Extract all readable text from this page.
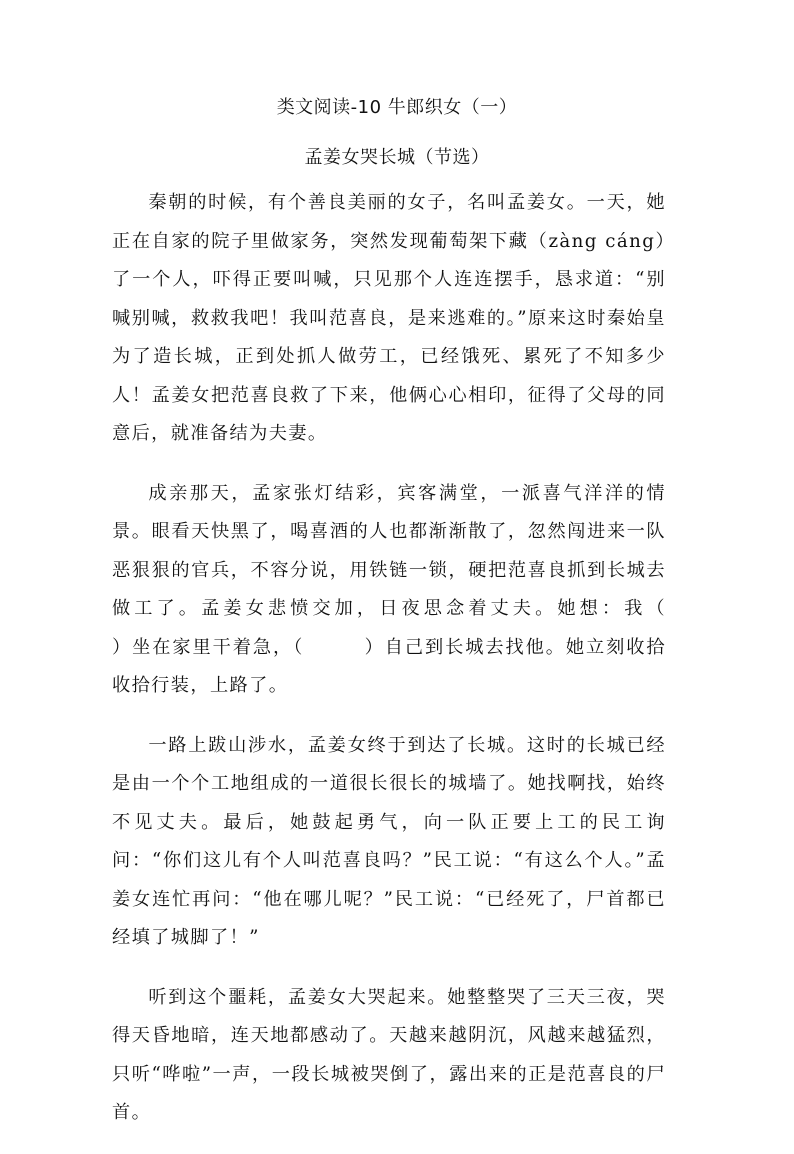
类文阅读-10 牛郎织女（一）
孟姜女哭长城（节选）

秦朝的时候，有个善良美丽的女子，名叫孟姜女。一天，她正在自家的院子里做家务，突然发现葡萄架下藏（zàng cáng）了一个人，吓得正要叫喊，只见那个人连连摆手，恳求道：“别喊别喊，救救我吧！我叫范喜良，是来逃难的。”原来这时秦始皇为了造长城，正到处抓人做劳工，已经饿死、累死了不知多少人！孟姜女把范喜良救了下来，他俩心心相印，征得了父母的同意后，就准备结为夫妻。

成亲那天，孟家张灯结彩，宾客满堂，一派喜气洋洋的情景。眼看天快黑了，喝喜酒的人也都渐渐散了，忽然闯进来一队恶狠狠的官兵，不容分说，用铁链一锁，硬把范喜良抓到长城去做工了。孟姜女悲愤交加，日夜思念着丈夫。她想：我（　　　）坐在家里干着急，（　　　）自己到长城去找他。她立刻收拾收拾行装，上路了。

一路上跋山涉水，孟姜女终于到达了长城。这时的长城已经是由一个个工地组成的一道很长很长的城墙了。她找啊找，始终不见丈夫。最后，她鼓起勇气，向一队正要上工的民工询问：“你们这儿有个人叫范喜良吗？”民工说：“有这么个人。”孟姜女连忙再问：“他在哪儿呢？”民工说：“已经死了，尸首都已经填了城脚了！”

听到这个噩耗，孟姜女大哭起来。她整整哭了三天三夜，哭得天昏地暗，连天地都感动了。天越来越阴沉，风越来越猛烈，只听“哗啦”一声，一段长城被哭倒了，露出来的正是范喜良的尸首。
